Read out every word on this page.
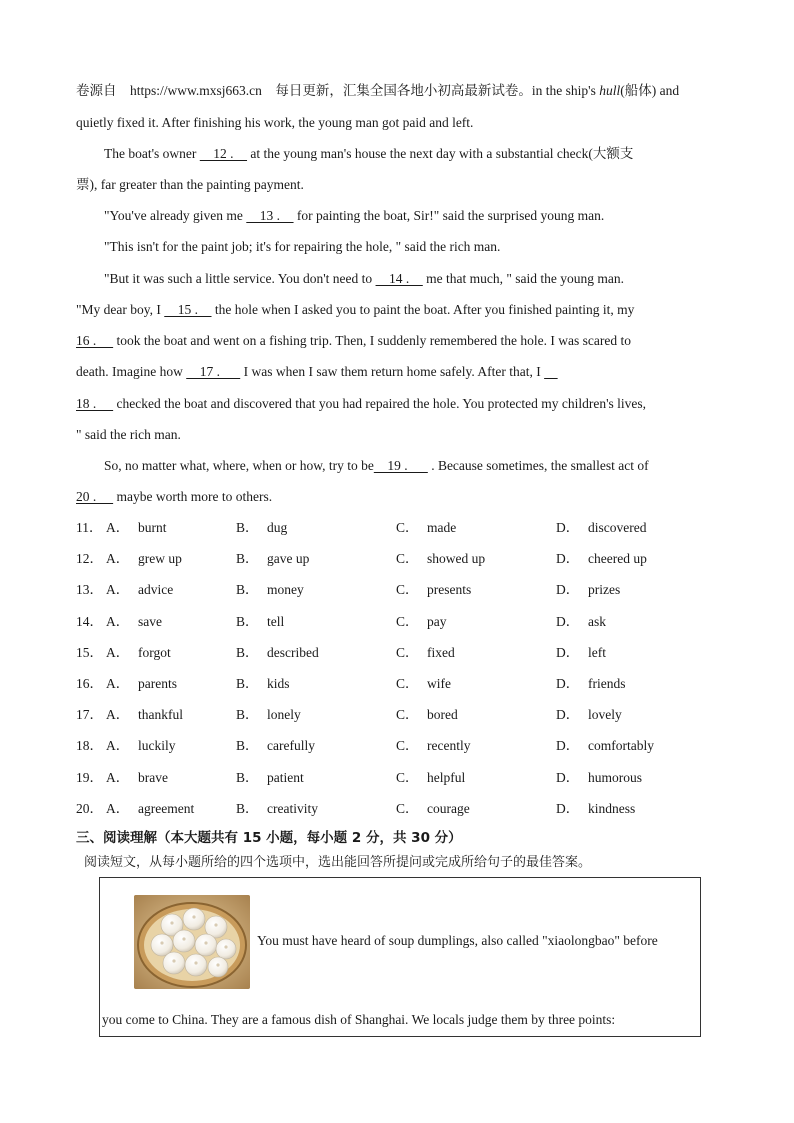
卷源自 https://www.mxsj663.cn 每日更新，汇集全国各地小初高最新试卷。in the ship's hull(船体) and
quietly fixed it. After finishing his work, the young man got paid and left.
The boat's owner     12 .     at the young man's house the next day with a substantial check(大额支
票), far greater than the painting payment.
"You've already given me     13 .     for painting the boat, Sir!" said the surprised young man.
"This isn't for the paint job; it's for repairing the hole, " said the rich man.
"But it was such a little service. You don't need to     14 .     me that much, " said the young man.
"My dear boy, I     15 .     the hole when I asked you to paint the boat. After you finished painting it, my
16 .      took the boat and went on a fishing trip. Then, I suddenly remembered the hole. I was scared to
death. Imagine how     17 .       I was when I saw them return home safely. After that, I
18 .      checked the boat and discovered that you had repaired the hole. You protected my children's lives,
" said the rich man.
So, no matter what, where, when or how, try to be    19 .       . Because sometimes, the smallest act of
20 .      maybe worth more to others.
11． A． burnt	B． dug	C． made	D． discovered
12． A． grew up	B． gave up	C． showed up	D． cheered up
13． A． advice	B． money	C． presents	D． prizes
14． A． save	B． tell	C． pay	D． ask
15． A． forgot	B． described	C． fixed	D． left
16． A． parents	B． kids	C． wife	D． friends
17． A． thankful	B． lonely	C． bored	D． lovely
18． A． luckily	B． carefully	C． recently	D． comfortably
19． A． brave	B． patient	C． helpful	D． humorous
20． A． agreement	B． creativity	C． courage	D． kindness
三、阅读理解（本大题共有 15 小题，每小题 2 分，共 30 分）
阅读短文，从每小题所给的四个选项中，选出能回答所提问或完成所给句子的最佳答案。
You must have heard of soup dumplings, also called "xiaolongbao" before
you come to China. They are a famous dish of Shanghai. We locals judge them by three points:
